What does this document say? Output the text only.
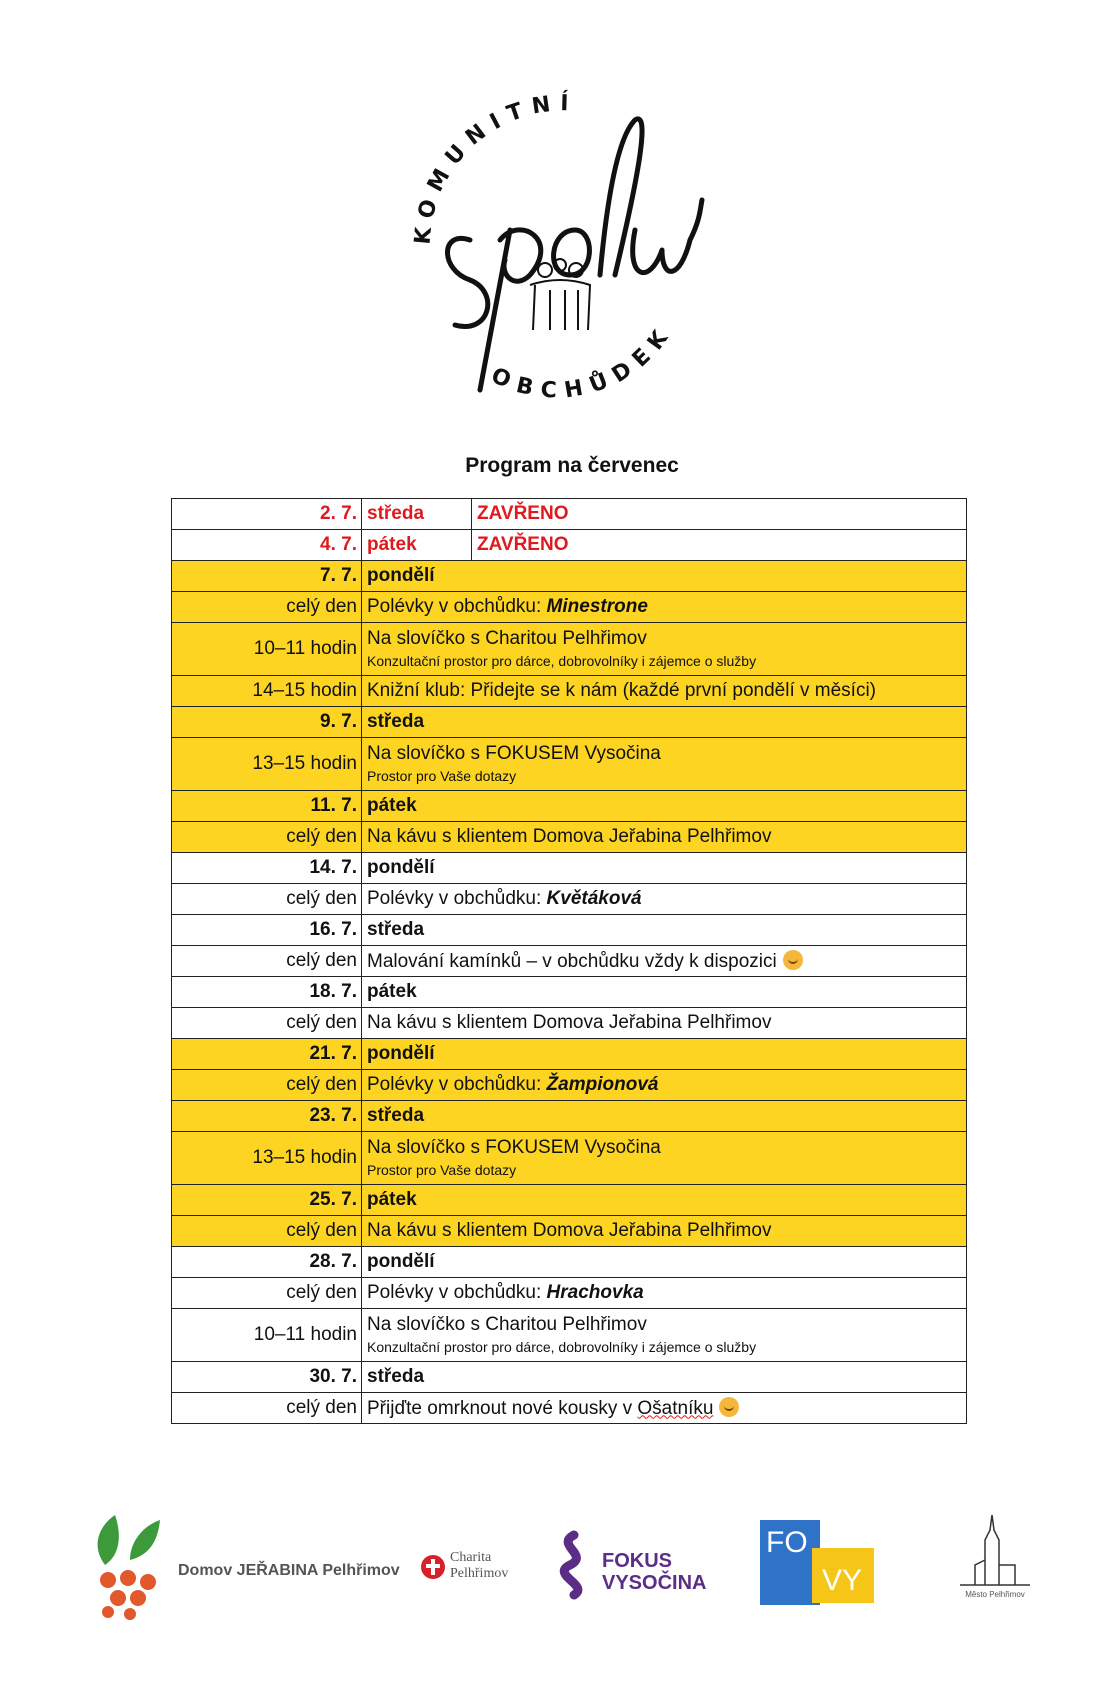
KOMUNITNÍ
OBCHŮDEK
Program na červenec
2. 7.	středa	ZAVŘENO
4. 7.	pátek	ZAVŘENO
7. 7.	pondělí	
celý den	Polévky v obchůdku: Minestrone	
10–11 hodin	Na slovíčko s Charitou Pelhřimov
Konzultační prostor pro dárce, dobrovolníky i zájemce o služby	

14–15 hodin	Knižní klub: Přidejte se k nám (každé první pondělí v měsíci)	
9. 7.	středa	
13–15 hodin	Na slovíčko s FOKUSEM Vysočina
Prostor pro Vaše dotazy	

11. 7.	pátek	
celý den	Na kávu s klientem Domova Jeřabina Pelhřimov	
14. 7.	pondělí	
celý den	Polévky v obchůdku: Květáková	
16. 7.	středa	
celý den	Malování kamínků – v obchůdku vždy k dispozici	
18. 7.	pátek	
celý den	Na kávu s klientem Domova Jeřabina Pelhřimov	
21. 7.	pondělí	
celý den	Polévky v obchůdku: Žampionová	
23. 7.	středa	
13–15 hodin	Na slovíčko s FOKUSEM Vysočina
Prostor pro Vaše dotazy	

25. 7.	pátek	
celý den	Na kávu s klientem Domova Jeřabina Pelhřimov	
28. 7.	pondělí	
celý den	Polévky v obchůdku: Hrachovka	
10–11 hodin	Na slovíčko s Charitou Pelhřimov
Konzultační prostor pro dárce, dobrovolníky i zájemce o služby	

30. 7.	středa	
celý den	Přijďte omrknout nové kousky v Ošatníku	
Domov JEŘABINA Pelhřimov
Charita Pelhřimov
FOKUS VYSOČINA
FO
VY	Město Pelhřimov
